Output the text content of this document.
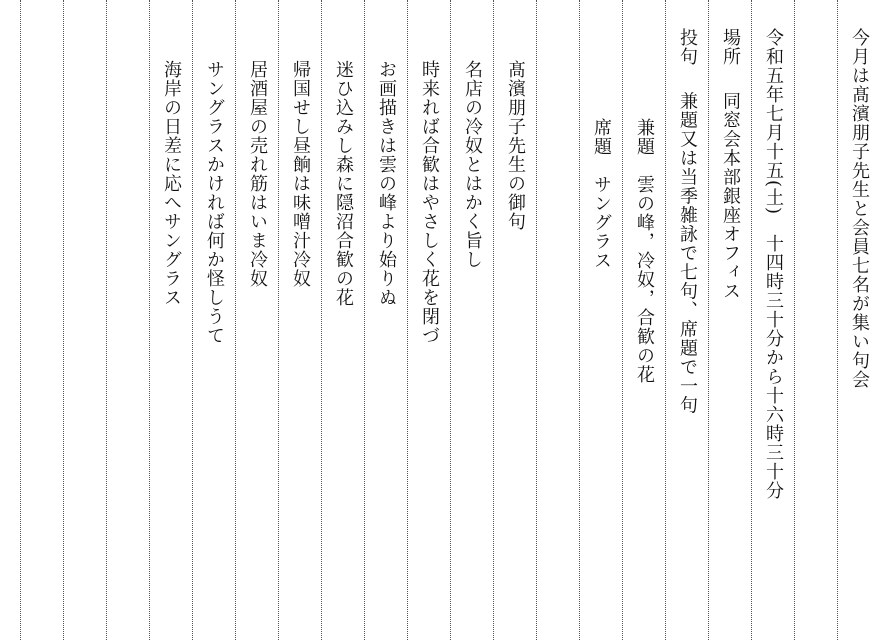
今月は髙濱朋子先生と会員七名が集い句会
令和五年七月十五(土)　十四時三十分から十六時三十分
場所　 同窓会本部銀座オフィス
投句　 兼題又は当季雑詠で七句、席題で一句
兼題　雲の峰，冷奴，合歓の花
席題　サングラス
髙濱朋子先生の御句
名店の冷奴とはかく旨し
時来れば合歓はやさしく花を閉づ
お画描きは雲の峰より始りぬ
迷ひ込みし森に隠沼合歓の花
帰国せし昼餉は味噌汁冷奴
居酒屋の売れ筋はいま冷奴
サングラスかければ何か怪しうて
海岸の日差に応へサングラス
